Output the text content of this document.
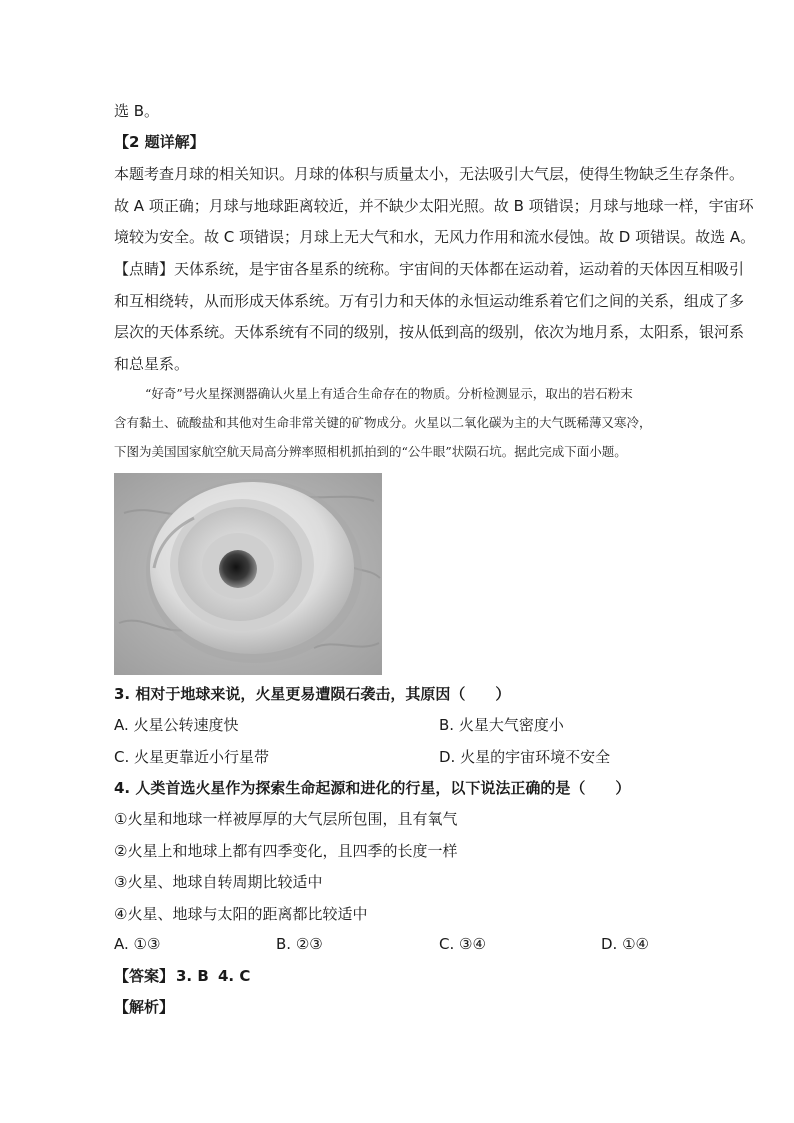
选 B。
【2 题详解】
本题考查月球的相关知识。月球的体积与质量太小，无法吸引大气层，使得生物缺乏生存条件。
故 A 项正确；月球与地球距离较近，并不缺少太阳光照。故 B 项错误；月球与地球一样，宇宙环
境较为安全。故 C 项错误；月球上无大气和水，无风力作用和流水侵蚀。故 D 项错误。故选 A。
【点睛】天体系统，是宇宙各星系的统称。宇宙间的天体都在运动着，运动着的天体因互相吸引
和互相绕转，从而形成天体系统。万有引力和天体的永恒运动维系着它们之间的关系，组成了多
层次的天体系统。天体系统有不同的级别，按从低到高的级别，依次为地月系，太阳系，银河系
和总星系。
“好奇”号火星探测器确认火星上有适合生命存在的物质。分析检测显示，取出的岩石粉末
含有黏土、硫酸盐和其他对生命非常关键的矿物成分。火星以二氧化碳为主的大气既稀薄又寒冷，
下图为美国国家航空航天局高分辨率照相机抓拍到的“公牛眼”状陨石坑。据此完成下面小题。
3. 相对于地球来说，火星更易遭陨石袭击，其原因（　　）
A. 火星公转速度快	B. 火星大气密度小
C. 火星更靠近小行星带	D. 火星的宇宙环境不安全
4. 人类首选火星作为探索生命起源和进化的行星，以下说法正确的是（　　）
①火星和地球一样被厚厚的大气层所包围，且有氧气
②火星上和地球上都有四季变化，且四季的长度一样
③火星、地球自转周期比较适中
④火星、地球与太阳的距离都比较适中
A. ①③	B. ②③	C. ③④	D. ①④
【答案】 3. B 4. C
【解析】
